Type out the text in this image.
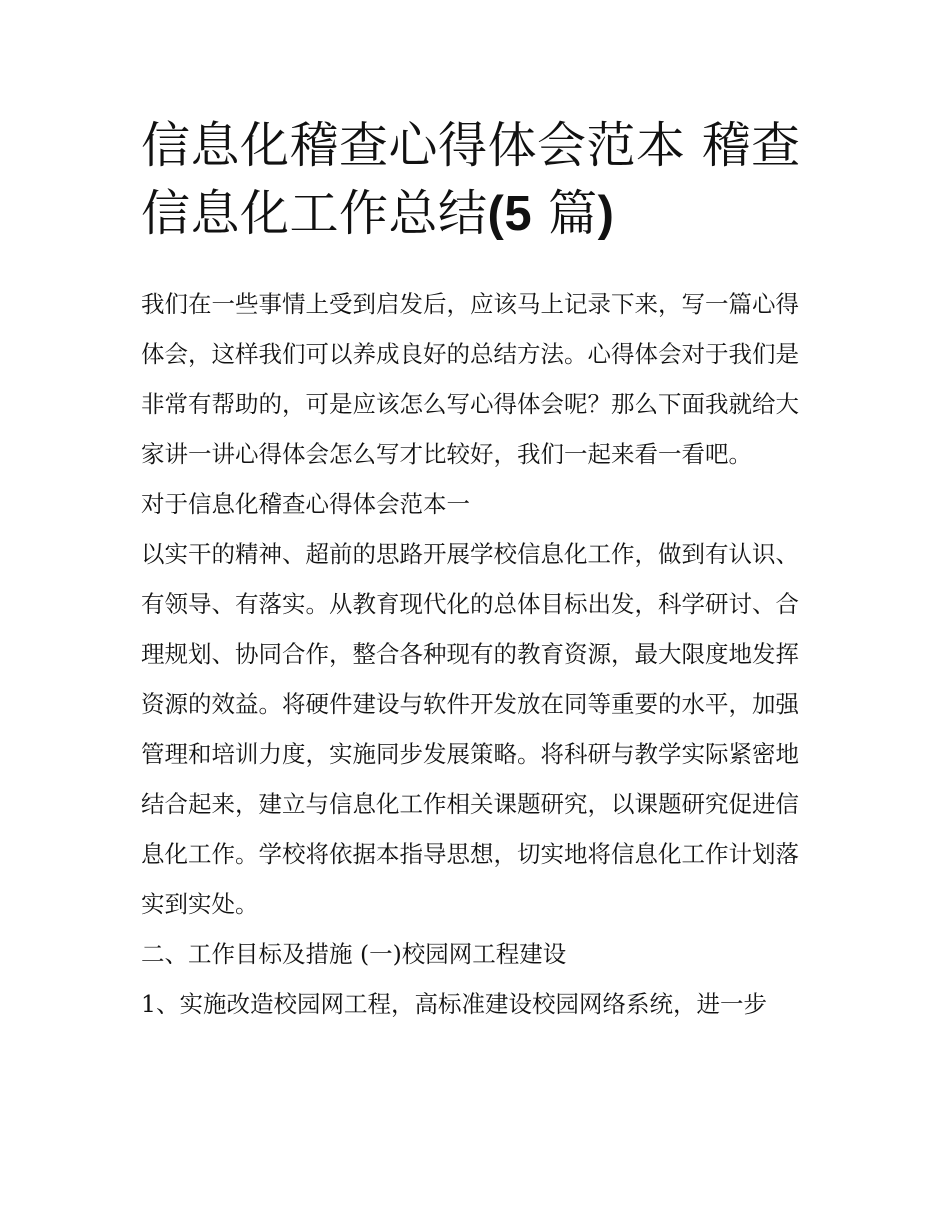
信息化稽查心得体会范本 稽查信息化工作总结(5 篇)

我们在一些事情上受到启发后，应该马上记录下来，写一篇心得体会，这样我们可以养成良好的总结方法。心得体会对于我们是非常有帮助的，可是应该怎么写心得体会呢？那么下面我就给大家讲一讲心得体会怎么写才比较好，我们一起来看一看吧。

对于信息化稽查心得体会范本一

以实干的精神、超前的思路开展学校信息化工作，做到有认识、有领导、有落实。从教育现代化的总体目标出发，科学研讨、合理规划、协同合作，整合各种现有的教育资源，最大限度地发挥资源的效益。将硬件建设与软件开发放在同等重要的水平，加强管理和培训力度，实施同步发展策略。将科研与教学实际紧密地结合起来，建立与信息化工作相关课题研究，以课题研究促进信息化工作。学校将依据本指导思想，切实地将信息化工作计划落实到实处。

二、工作目标及措施 (一)校园网工程建设

1、实施改造校园网工程，高标准建设校园网络系统，进一步
